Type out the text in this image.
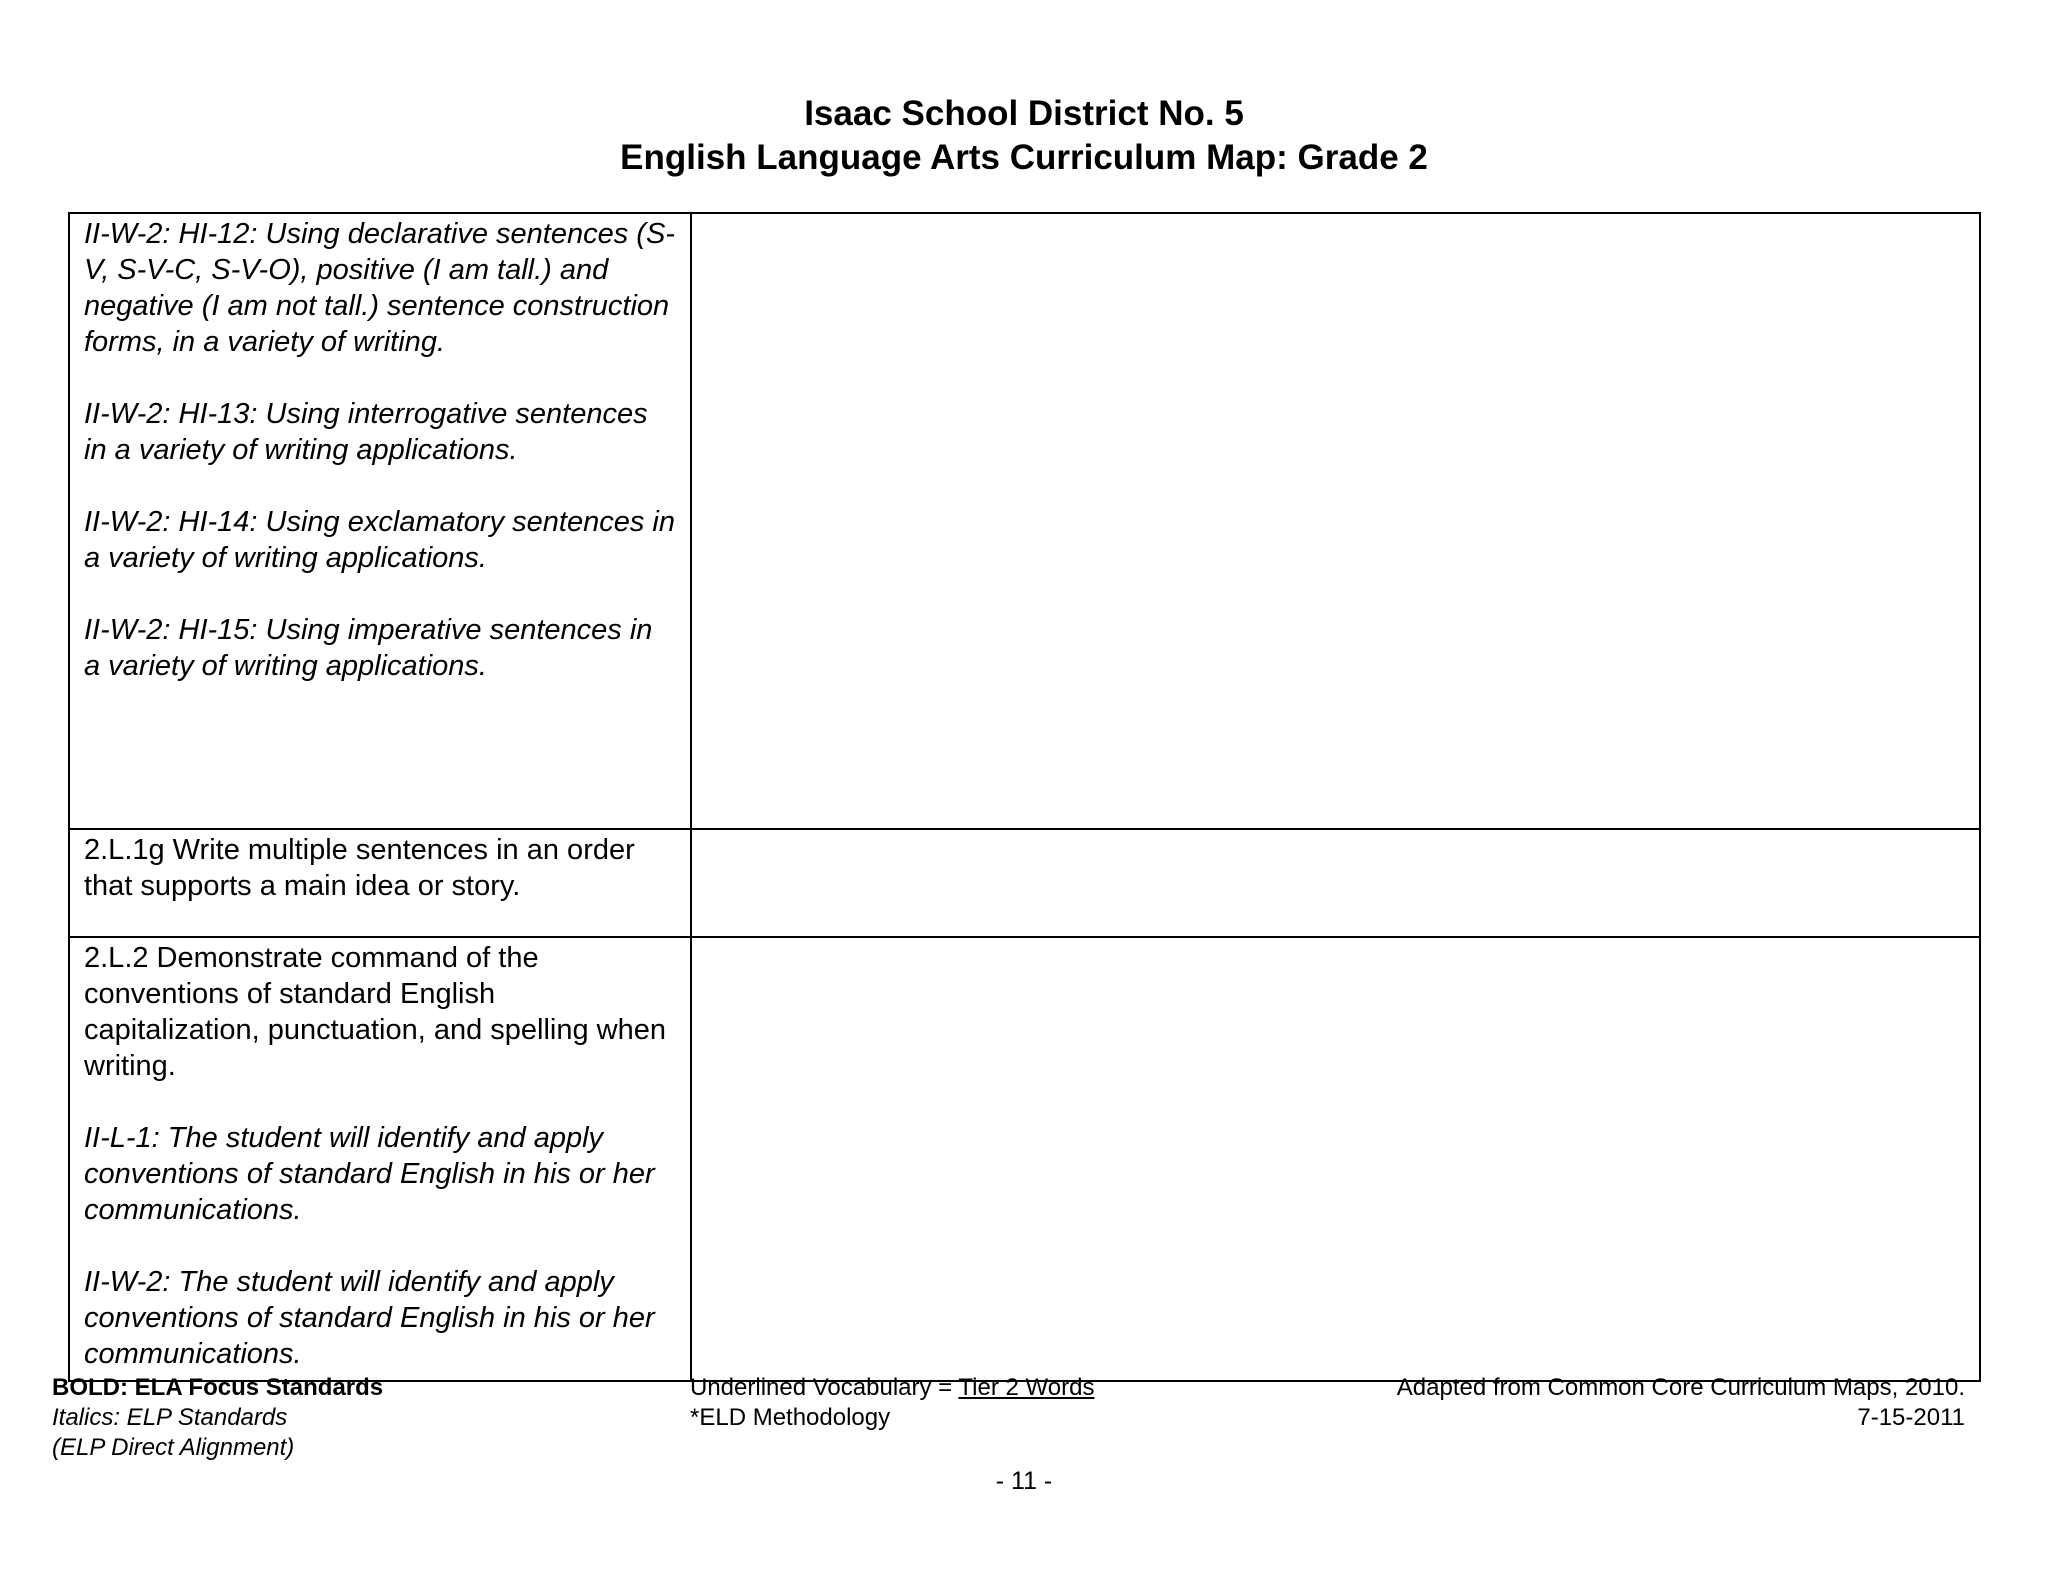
Isaac School District No. 5
English Language Arts Curriculum Map: Grade 2

II-W-2: HI-12: Using declarative sentences (S-V, S-V-C, S-V-O), positive (I am tall.) and negative (I am not tall.) sentence construction forms, in a variety of writing.

II-W-2: HI-13: Using interrogative sentences in a variety of writing applications.

II-W-2: HI-14: Using exclamatory sentences in a variety of writing applications.

II-W-2: HI-15: Using imperative sentences in a variety of writing applications.	

2.L.1g Write multiple sentences in an order that supports a main idea or story.	

2.L.2 Demonstrate command of the conventions of standard English capitalization, punctuation, and spelling when writing.

II-L-1: The student will identify and apply conventions of standard English in his or her communications.

II-W-2: The student will identify and apply conventions of standard English in his or her communications.	

BOLD: ELA Focus Standards
Italics: ELP Standards
(ELP Direct Alignment)
Underlined Vocabulary = Tier 2 Words
*ELD Methodology
Adapted from Common Core Curriculum Maps, 2010.
7-15-2011
- 11 -
